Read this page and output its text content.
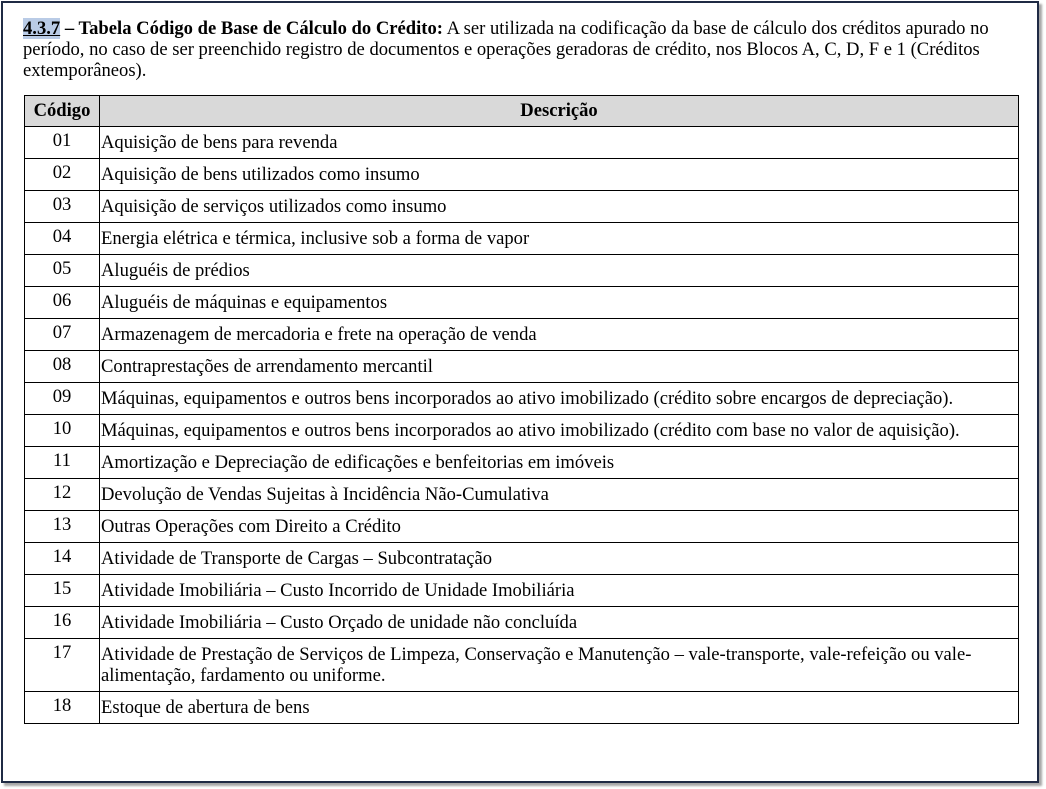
4.3.7 – Tabela Código de Base de Cálculo do Crédito: A ser utilizada na codificação da base de cálculo dos créditos apurado no período, no caso de ser preenchido registro de documentos e operações geradoras de crédito, nos Blocos A, C, D, F e 1 (Créditos extemporâneos).
Código	Descrição
01	Aquisição de bens para revenda
02	Aquisição de bens utilizados como insumo
03	Aquisição de serviços utilizados como insumo
04	Energia elétrica e térmica, inclusive sob a forma de vapor
05	Aluguéis de prédios
06	Aluguéis de máquinas e equipamentos
07	Armazenagem de mercadoria e frete na operação de venda
08	Contraprestações de arrendamento mercantil
09	Máquinas, equipamentos e outros bens incorporados ao ativo imobilizado (crédito sobre encargos de depreciação).
10	Máquinas, equipamentos e outros bens incorporados ao ativo imobilizado (crédito com base no valor de aquisição).
11	Amortização e Depreciação de edificações e benfeitorias em imóveis
12	Devolução de Vendas Sujeitas à Incidência Não-Cumulativa
13	Outras Operações com Direito a Crédito
14	Atividade de Transporte de Cargas – Subcontratação
15	Atividade Imobiliária – Custo Incorrido de Unidade Imobiliária
16	Atividade Imobiliária – Custo Orçado de unidade não concluída
17	Atividade de Prestação de Serviços de Limpeza, Conservação e Manutenção – vale-transporte, vale-refeição ou vale-alimentação, fardamento ou uniforme.
18	Estoque de abertura de bens
